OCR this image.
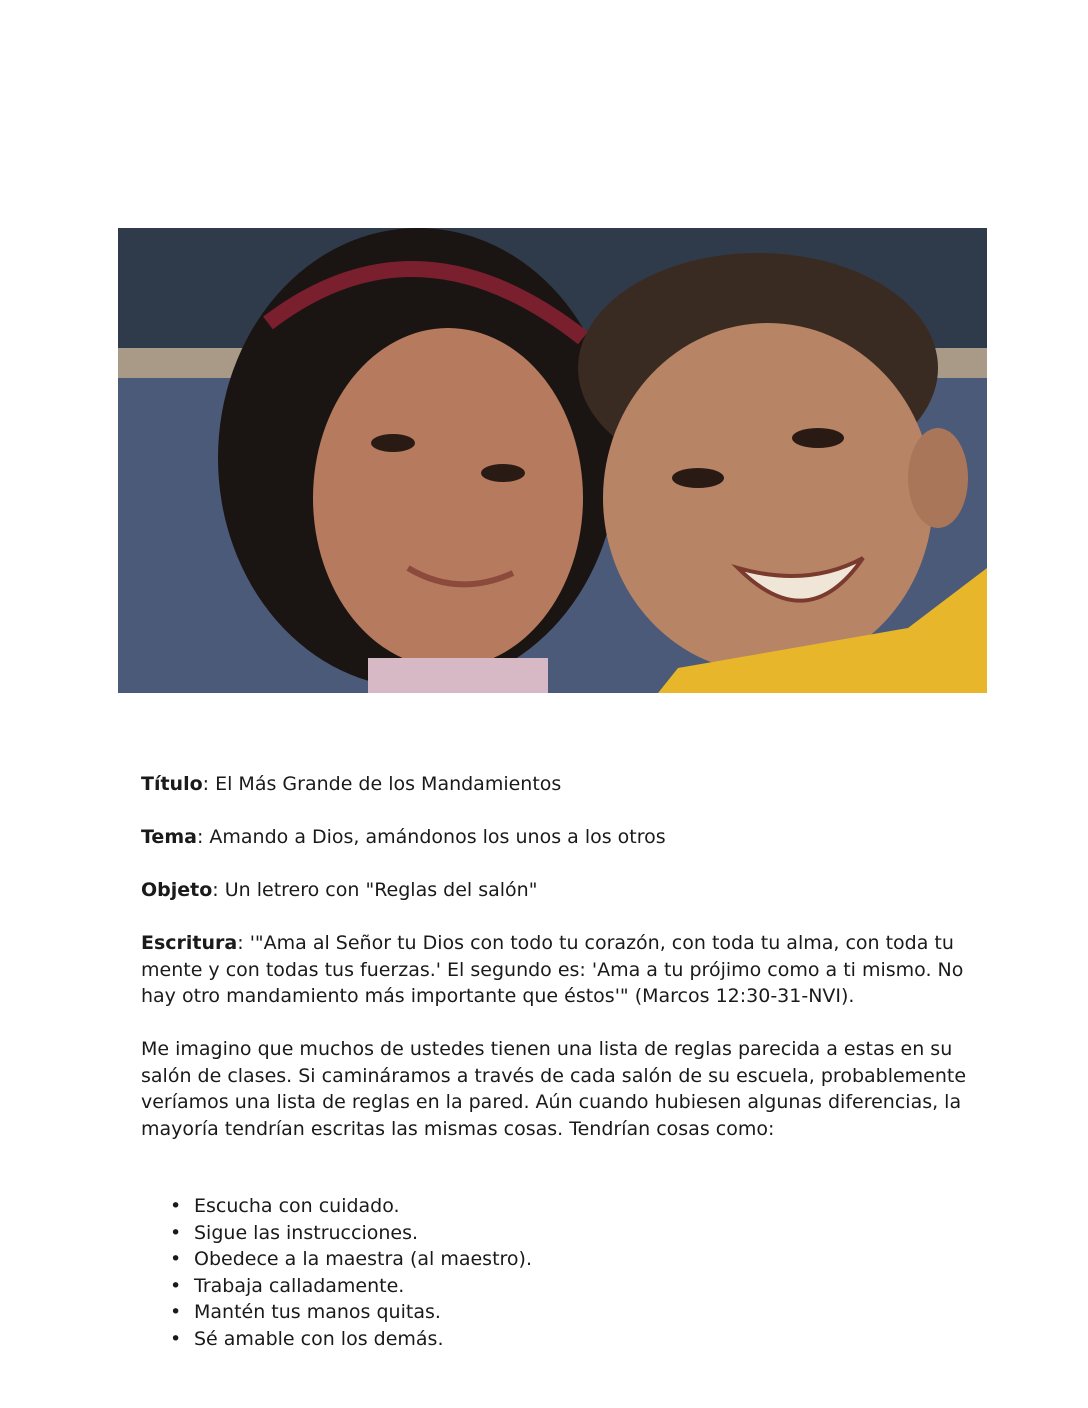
Título: El Más Grande de los Mandamientos
Tema: Amando a Dios, amándonos los unos a los otros
Objeto: Un letrero con "Reglas del salón"
Escritura: '"Ama al Señor tu Dios con todo tu corazón, con toda tu alma, con toda tu mente y con todas tus fuerzas.' El segundo es: 'Ama a tu prójimo como a ti mismo. No hay otro mandamiento más importante que éstos'" (Marcos 12:30-31-NVI).

Me imagino que muchos de ustedes tienen una lista de reglas parecida a estas en su salón de clases. Si camináramos a través de cada salón de su escuela, probablemente veríamos una lista de reglas en la pared. Aún cuando hubiesen algunas diferencias, la mayoría tendrían escritas las mismas cosas. Tendrían cosas como:

• Escucha con cuidado.
• Sigue las instrucciones.
• Obedece a la maestra (al maestro).
• Trabaja calladamente.
• Mantén tus manos quitas.
• Sé amable con los demás.
